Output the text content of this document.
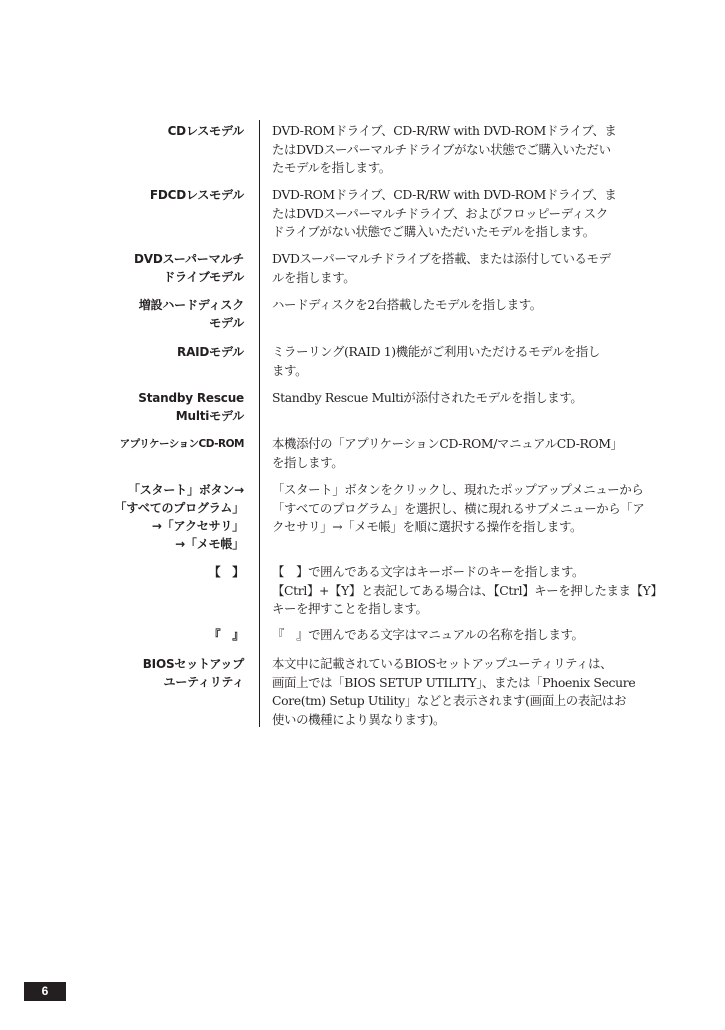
CDレスモデル DVD-ROMドライブ、CD-R/RW with DVD-ROMドライブ、ま
たはDVDスーパーマルチドライブがない状態でご購入いただい
たモデルを指します。
FDCDレスモデル DVD-ROMドライブ、CD-R/RW with DVD-ROMドライブ、ま
たはDVDスーパーマルチドライブ、およびフロッピーディスク
ドライブがない状態でご購入いただいたモデルを指します。
DVDスーパーマルチ
ドライブモデル
DVDスーパーマルチドライブを搭載、または添付しているモデ
ルを指します。
増設ハードディスク
モデル
ハードディスクを2台搭載したモデルを指します。
RAIDモデル ミラーリング(RAID 1)機能がご利用いただけるモデルを指し
ます。
Standby Rescue
Multiモデル
Standby Rescue Multiが添付されたモデルを指します。
アプリケーションCD-ROM 本機添付の「アプリケーションCD-ROM/マニュアルCD-ROM」
を指します。
「スタート」ボタン→
「すべてのプログラム」
→「アクセサリ」
→「メモ帳」
「スタート」ボタンをクリックし、現れたポップアップメニューから
「すべてのプログラム」を選択し、横に現れるサブメニューから「ア
クセサリ」→「メモ帳」を順に選択する操作を指します。
【　】 【　】で囲んである文字はキーボードのキーを指します。
【Ctrl】+【Y】と表記してある場合は、【Ctrl】キーを押したまま【Y】
キーを押すことを指します。
『　』 『　』で囲んである文字はマニュアルの名称を指します。
BIOSセットアップ
ユーティリティ
本文中に記載されているBIOSセットアップユーティリティは、
画面上では「BIOS SETUP UTILITY」、または「Phoenix Secure
Core(tm) Setup Utility」などと表示されます(画面上の表記はお
使いの機種により異なります)。
6
